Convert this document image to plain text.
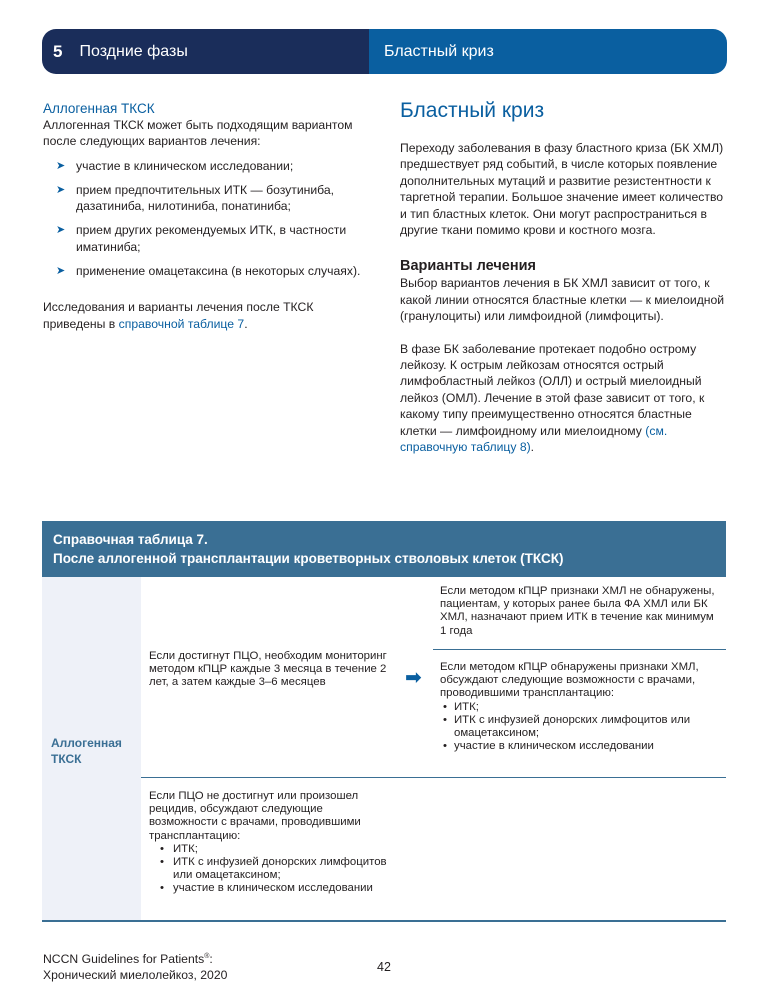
5 Поздние фазы	Бластный криз
Аллогенная ТКСК
Аллогенная ТКСК может быть подходящим вариантом после следующих вариантов лечения:
➤ участие в клиническом исследовании;
➤ прием предпочтительных ИТК — бозутиниба, дазатиниба, нилотиниба, понатиниба;
➤ прием других рекомендуемых ИТК, в частности иматиниба;
➤ применение омацетаксина (в некоторых случаях).
Исследования и варианты лечения после ТКСК приведены в справочной таблице 7.
Бластный криз
Переходу заболевания в фазу бластного криза (БК ХМЛ) предшествует ряд событий, в числе которых появление дополнительных мутаций и развитие резистентности к таргетной терапии. Большое значение имеет количество и тип бластных клеток. Они могут распространиться в другие ткани помимо крови и костного мозга.
Варианты лечения
Выбор вариантов лечения в БК ХМЛ зависит от того, к какой линии относятся бластные клетки — к миелоидной (гранулоциты) или лимфоидной (лимфоциты).
В фазе БК заболевание протекает подобно острому лейкозу. К острым лейкозам относятся острый лимфобластный лейкоз (ОЛЛ) и острый миелоидный лейкоз (ОМЛ). Лечение в этой фазе зависит от того, к какому типу преимущественно относятся бластные клетки — лимфоидному или миелоидному (см. справочную таблицу 8).
Справочная таблица 7.
После аллогенной трансплантации кроветворных стволовых клеток (ТКСК)
Аллогенная ТКСК
Если достигнут ПЦО, необходим мониторинг методом кПЦР каждые 3 месяца в течение 2 лет, а затем каждые 3–6 месяцев	➡
Если методом кПЦР признаки ХМЛ не обнаружены, пациентам, у которых ранее была ФА ХМЛ или БК ХМЛ, назначают прием ИТК в течение как минимум 1 года
Если методом кПЦР обнаружены признаки ХМЛ, обсуждают следующие возможности с врачами, проводившими трансплантацию:
• ИТК;
• ИТК с инфузией донорских лимфоцитов или омацетаксином;
• участие в клиническом исследовании
Если ПЦО не достигнут или произошел рецидив, обсуждают следующие возможности с врачами, проводившими трансплантацию:
• ИТК;
• ИТК с инфузией донорских лимфоцитов или омацетаксином;
• участие в клиническом исследовании
NCCN Guidelines for Patients®:
Хронический миелолейкоз, 2020
42
